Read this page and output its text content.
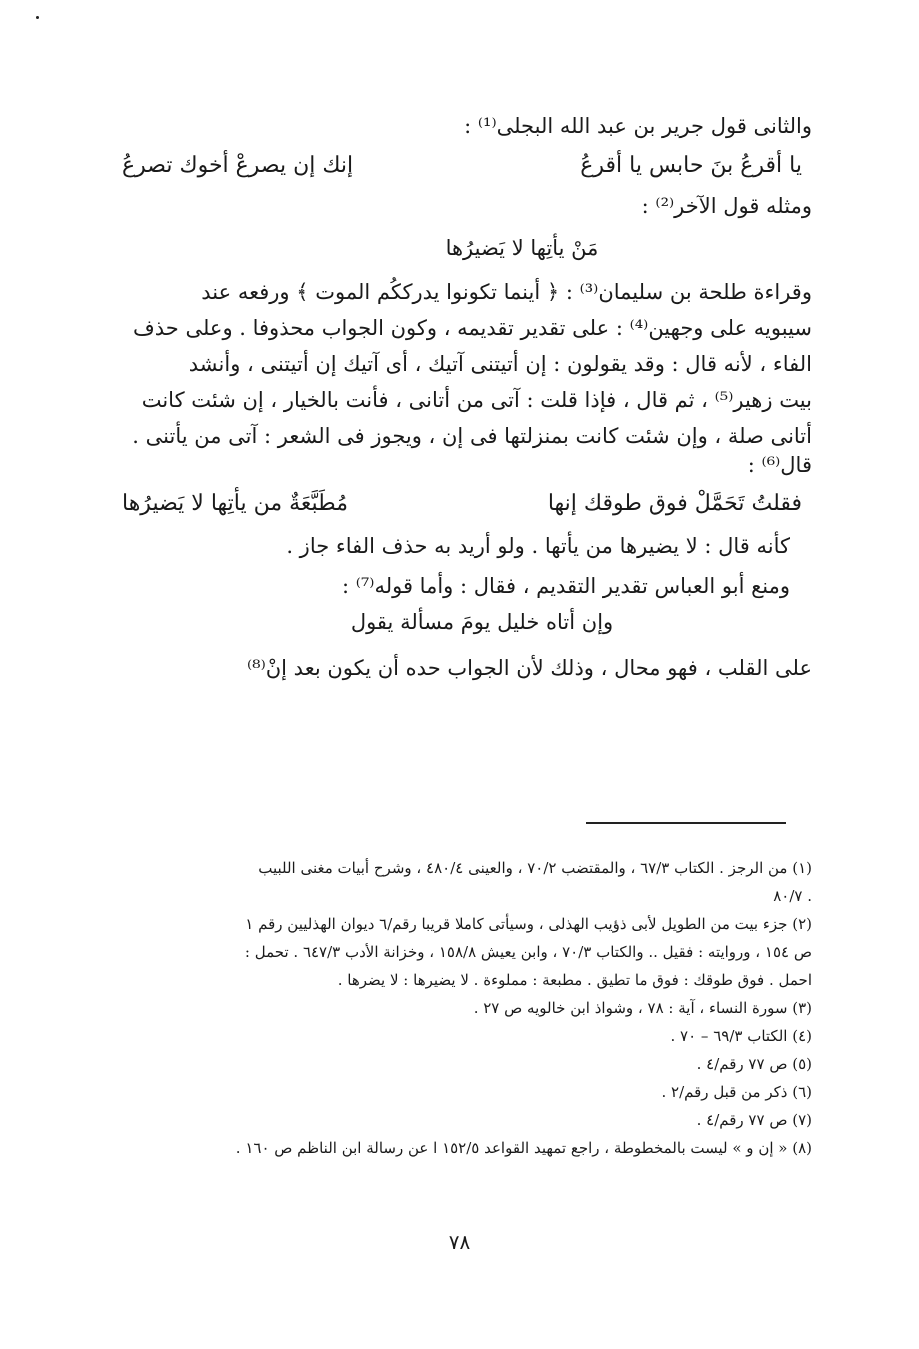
والثانى قول جرير بن عبد الله البجلى⁽¹⁾ :
يا أقرعُ بنَ حابس يا أقرعُ
إنك إن يصرعْ أخوك تصرعُ
ومثله قول الآخر⁽²⁾ :
مَنْ يأتِها لا يَضيرُها
وقراءة طلحة بن سليمان⁽³⁾ : ﴿ أينما تكونوا يدرككُم الموت ﴾ ورفعه عند
سيبويه على وجهين⁽⁴⁾ : على تقدير تقديمه ، وكون الجواب محذوفا . وعلى حذف
الفاء ، لأنه قال : وقد يقولون : إن أتيتنى آتيك ، أى آتيك إن أتيتنى ، وأنشد
بيت زهير⁽⁵⁾ ، ثم قال ، فإذا قلت : آتى من أتانى ، فأنت بالخيار ، إن شئت كانت
أتانى صلة ، وإن شئت كانت بمنزلتها فى إن ، ويجوز فى الشعر : آتى من يأتنى .
قال⁽⁶⁾ :
فقلتُ تَحَمَّلْ فوق طوقك إنها
مُطَبَّعَةٌ من يأتِها لا يَضيرُها
كأنه قال : لا يضيرها من يأتها . ولو أريد به حذف الفاء جاز .
ومنع أبو العباس تقدير التقديم ، فقال : وأما قوله⁽⁷⁾ :
وإن أتاه خليل يومَ مسألة يقول
على القلب ، فهو محال ، وذلك لأن الجواب حده أن يكون بعد إنْ⁽⁸⁾
(١) من الرجز . الكتاب ٦٧/٣ ، والمقتضب ٧٠/٢ ، والعينى ٤٨٠/٤ ، وشرح أبيات مغنى اللبيب
. ٨٠/٧
(٢) جزء بيت من الطويل لأبى ذؤيب الهذلى ، وسيأتى كاملا قريبا رقم/٦ ديوان الهذليين رقم ١
ص ١٥٤ ، وروايته : فقيل .. والكتاب ٧٠/٣ ، وابن يعيش ١٥٨/٨ ، وخزانة الأدب ٦٤٧/٣ . تحمل :
احمل . فوق طوقك : فوق ما تطيق . مطبعة : مملوءة . لا يضيرها : لا يضرها .
(٣) سورة النساء ، آية : ٧٨ ، وشواذ ابن خالويه ص ٢٧ .
(٤) الكتاب ٦٩/٣ – ٧٠ .
(٥) ص ٧٧ رقم/٤ .
(٦) ذكر من قبل رقم/٢ .
(٧) ص ٧٧ رقم/٤ .
(٨) « إن و » ليست بالمخطوطة ، راجع تمهيد القواعد ١٥٢/٥ ا عن رسالة ابن الناظم ص ١٦٠ .
٧٨
